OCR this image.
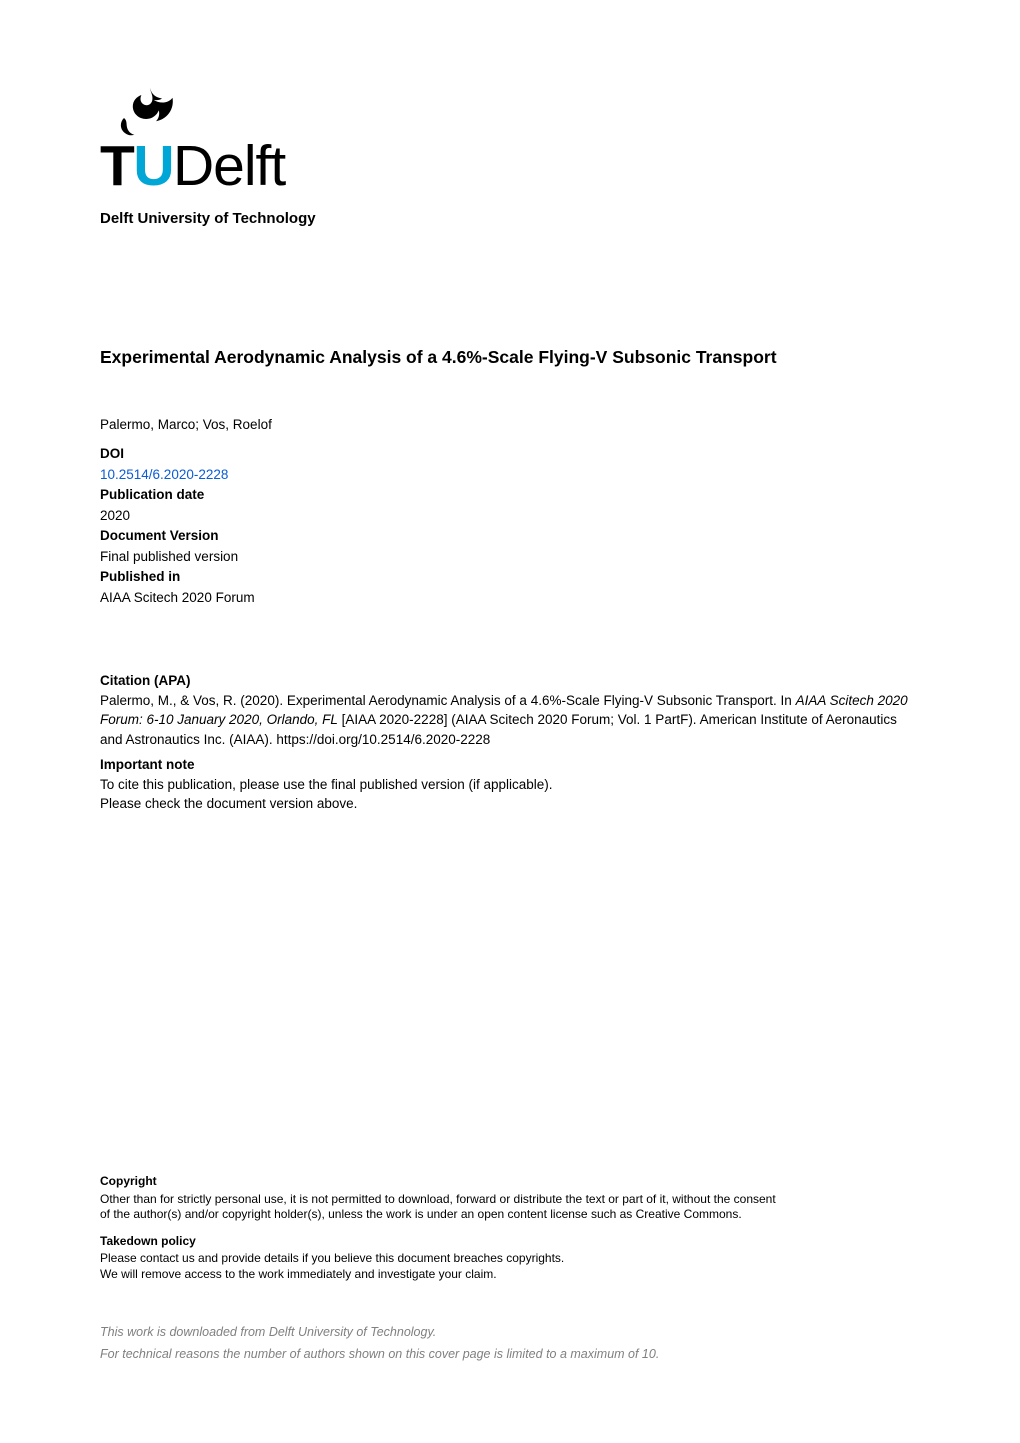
TUDelft
Delft University of Technology
Experimental Aerodynamic Analysis of a 4.6%-Scale Flying-V Subsonic Transport
Palermo, Marco; Vos, Roelof
DOI
10.2514/6.2020-2228
Publication date
2020
Document Version
Final published version
Published in
AIAA Scitech 2020 Forum
Citation (APA)

Palermo, M., & Vos, R. (2020). Experimental Aerodynamic Analysis of a 4.6%-Scale Flying-V Subsonic Transport. In AIAA Scitech 2020 Forum: 6-10 January 2020, Orlando, FL [AIAA 2020-2228] (AIAA Scitech 2020 Forum; Vol. 1 PartF). American Institute of Aeronautics and Astronautics Inc. (AIAA). https://doi.org/10.2514/6.2020-2228

Important note
To cite this publication, please use the final published version (if applicable).
Please check the document version above.
Copyright
Other than for strictly personal use, it is not permitted to download, forward or distribute the text or part of it, without the consent
of the author(s) and/or copyright holder(s), unless the work is under an open content license such as Creative Commons.
Takedown policy
Please contact us and provide details if you believe this document breaches copyrights.
We will remove access to the work immediately and investigate your claim.
This work is downloaded from Delft University of Technology.
For technical reasons the number of authors shown on this cover page is limited to a maximum of 10.
